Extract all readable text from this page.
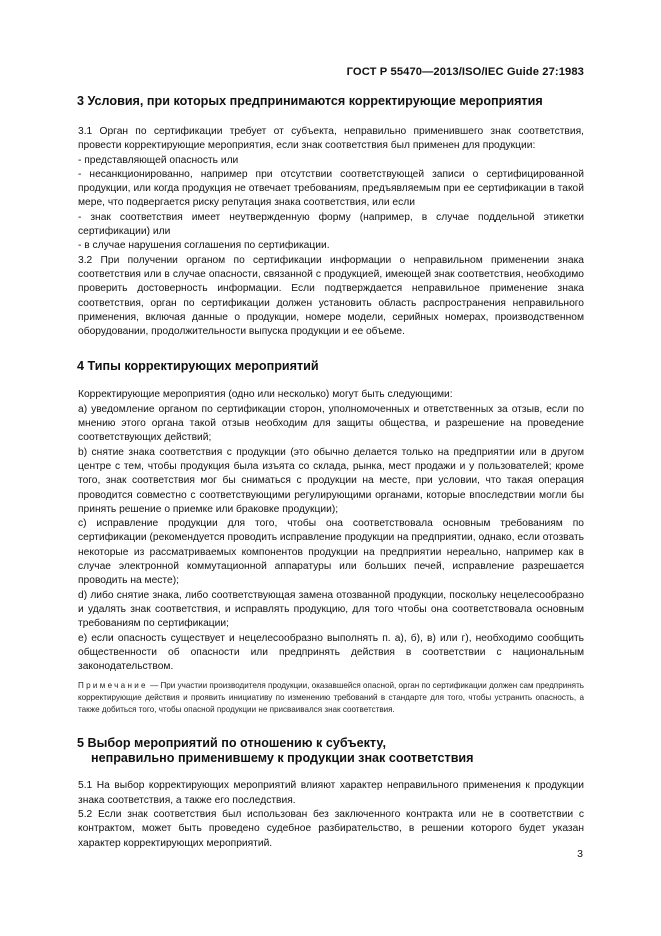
ГОСТ Р 55470—2013/ISO/IEC Guide 27:1983
3 Условия, при которых предпринимаются корректирующие мероприятия

3.1 Орган по сертификации требует от субъекта, неправильно применившего знак соответствия, провести корректирующие мероприятия, если знак соответствия был применен для продукции:

- представляющей опасность или

- несанкционированно, например при отсутствии соответствующей записи о сертифицированной продукции, или когда продукция не отвечает требованиям, предъявляемым при ее сертификации в такой мере, что подвергается риску репутация знака соответствия, или если

- знак соответствия имеет неутвержденную форму (например, в случае поддельной этикетки сертификации) или

- в случае нарушения соглашения по сертификации.

3.2 При получении органом по сертификации информации о неправильном применении знака соответствия или в случае опасности, связанной с продукцией, имеющей знак соответствия, необходимо проверить достоверность информации. Если подтверждается неправильное применение знака соответствия, орган по сертификации должен установить область распространения неправильного применения, включая данные о продукции, номере модели, серийных номерах, производственном оборудовании, продолжительности выпуска продукции и ее объеме.

4 Типы корректирующих мероприятий

Корректирующие мероприятия (одно или несколько) могут быть следующими:

a) уведомление органом по сертификации сторон, уполномоченных и ответственных за отзыв, если по мнению этого органа такой отзыв необходим для защиты общества, и разрешение на проведение соответствующих действий;

b) снятие знака соответствия с продукции (это обычно делается только на предприятии или в другом центре с тем, чтобы продукция была изъята со склада, рынка, мест продажи и у пользователей; кроме того, знак соответствия мог бы сниматься с продукции на месте, при условии, что такая операция проводится совместно с соответствующими регулирующими органами, которые впоследствии могли бы принять решение о приемке или браковке продукции);

c) исправление продукции для того, чтобы она соответствовала основным требованиям по сертификации (рекомендуется проводить исправление продукции на предприятии, однако, если отозвать некоторые из рассматриваемых компонентов продукции на предприятии нереально, например как в случае электронной коммутационной аппаратуры или больших печей, исправление разрешается проводить на месте);

d) либо снятие знака, либо соответствующая замена отозванной продукции, поскольку нецелесообразно и удалять знак соответствия, и исправлять продукцию, для того чтобы она соответствовала основным требованиям по сертификации;

e) если опасность существует и нецелесообразно выполнять п. a), б), в) или г), необходимо сообщить общественности об опасности или предпринять действия в соответствии с национальным законодательством.

Примечание — При участии производителя продукции, оказавшейся опасной, орган по сертификации должен сам предпринять корректирующие действия и проявить инициативу по изменению требований в стандарте для того, чтобы устранить опасность, а также добиться того, чтобы опасной продукции не присваивался знак соответствия.
5 Выбор мероприятий по отношению к субъекту,
неправильно применившему к продукции знак соответствия

5.1 На выбор корректирующих мероприятий влияют характер неправильного применения к продукции знака соответствия, а также его последствия.

5.2 Если знак соответствия был использован без заключенного контракта или не в соответствии с контрактом, может быть проведено судебное разбирательство, в решении которого будет указан характер корректирующих мероприятий.

3
